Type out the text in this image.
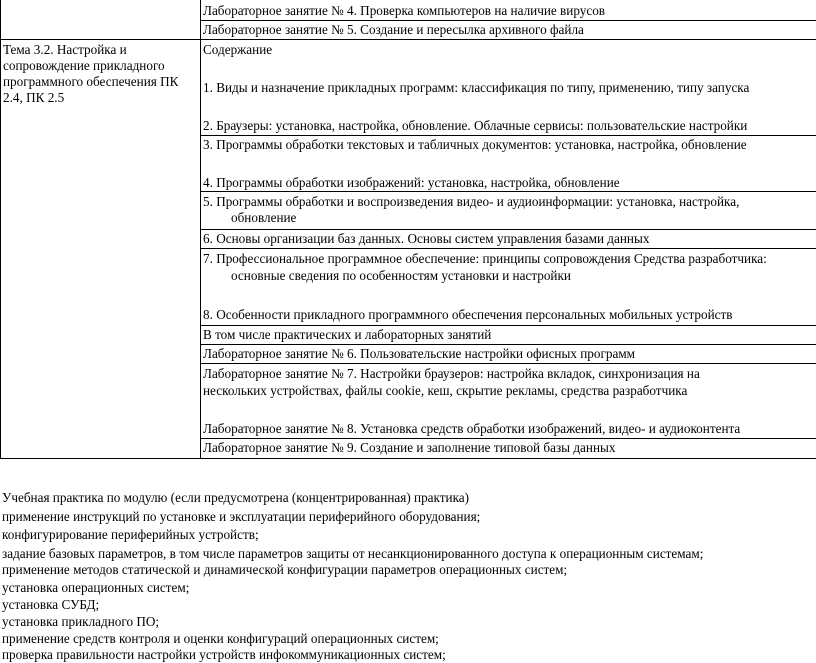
Лабораторное занятие № 4. Проверка компьютеров на наличие вирусов
Лабораторное занятие № 5. Создание и пересылка архивного файла
Тема 3.2. Настройка и сопровождение прикладного программного обеспечения ПК 2.4, ПК 2.5
Содержание
1. Виды и назначение прикладных программ: классификация по типу, применению, типу запуска
2. Браузеры: установка, настройка, обновление. Облачные сервисы: пользовательские настройки
3. Программы обработки текстовых и табличных документов: установка, настройка, обновление
4. Программы обработки изображений: установка, настройка, обновление
5. Программы обработки и воспроизведения видео- и аудиоинформации: установка, настройка,
обновление
6. Основы организации баз данных. Основы систем управления базами данных
7. Профессиональное программное обеспечение: принципы сопровождения Средства разработчика:
основные сведения по особенностям установки и настройки
8. Особенности прикладного программного обеспечения персональных мобильных устройств
В том числе практических и лабораторных занятий
Лабораторное занятие № 6. Пользовательские настройки офисных программ
Лабораторное занятие № 7. Настройки браузеров: настройка вкладок, синхронизация на
нескольких устройствах, файлы cookie, кеш, скрытие рекламы, средства разработчика
Лабораторное занятие № 8. Установка средств обработки изображений, видео- и аудиоконтента
Лабораторное занятие № 9. Создание и заполнение типовой базы данных
Учебная практика по модулю (если предусмотрена (концентрированная) практика)
применение инструкций по установке и эксплуатации периферийного оборудования;
конфигурирование периферийных устройств;
задание базовых параметров, в том числе параметров защиты от несанкционированного доступа к операционным системам;
применение методов статической и динамической конфигурации параметров операционных систем;
установка операционных систем;
установка СУБД;
установка прикладного ПО;
применение средств контроля и оценки конфигураций операционных систем;
проверка правильности настройки устройств инфокоммуникационных систем;
